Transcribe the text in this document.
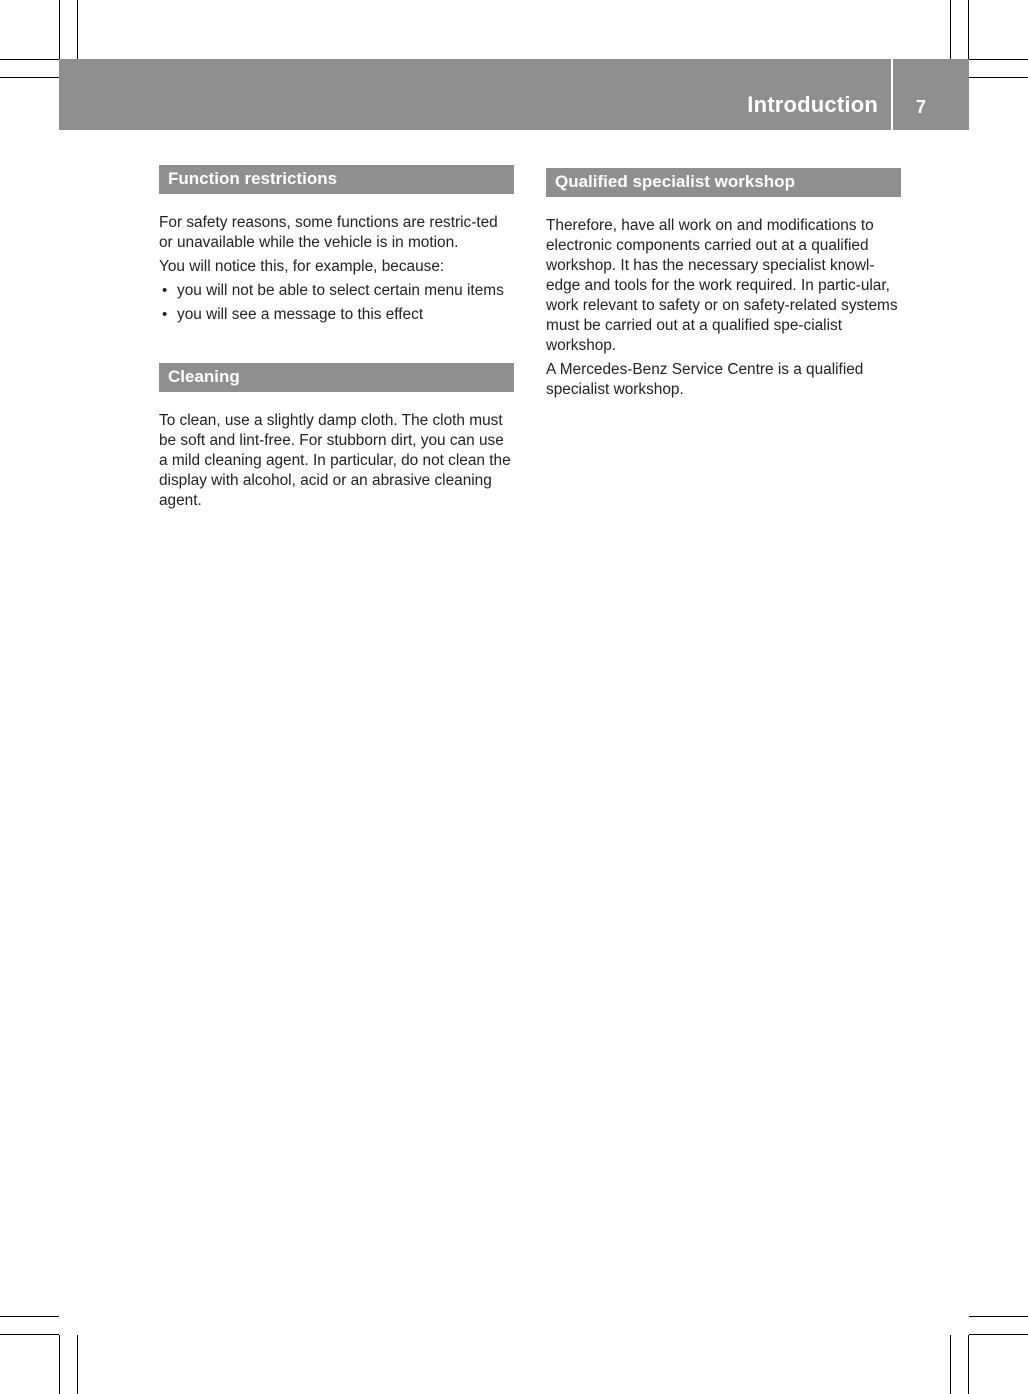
Introduction 7
Function restrictions

For safety reasons, some functions are restric-ted or unavailable while the vehicle is in motion.

You will notice this, for example, because:

• you will not be able to select certain menu items
• you will see a message to this effect
Cleaning

To clean, use a slightly damp cloth. The cloth must be soft and lint-free. For stubborn dirt, you can use a mild cleaning agent. In particular, do not clean the display with alcohol, acid or an abrasive cleaning agent.

Qualified specialist workshop

Therefore, have all work on and modifications to electronic components carried out at a qualified workshop. It has the necessary specialist knowl-edge and tools for the work required. In partic-ular, work relevant to safety or on safety-related systems must be carried out at a qualified spe-cialist workshop.

A Mercedes-Benz Service Centre is a qualified specialist workshop.
